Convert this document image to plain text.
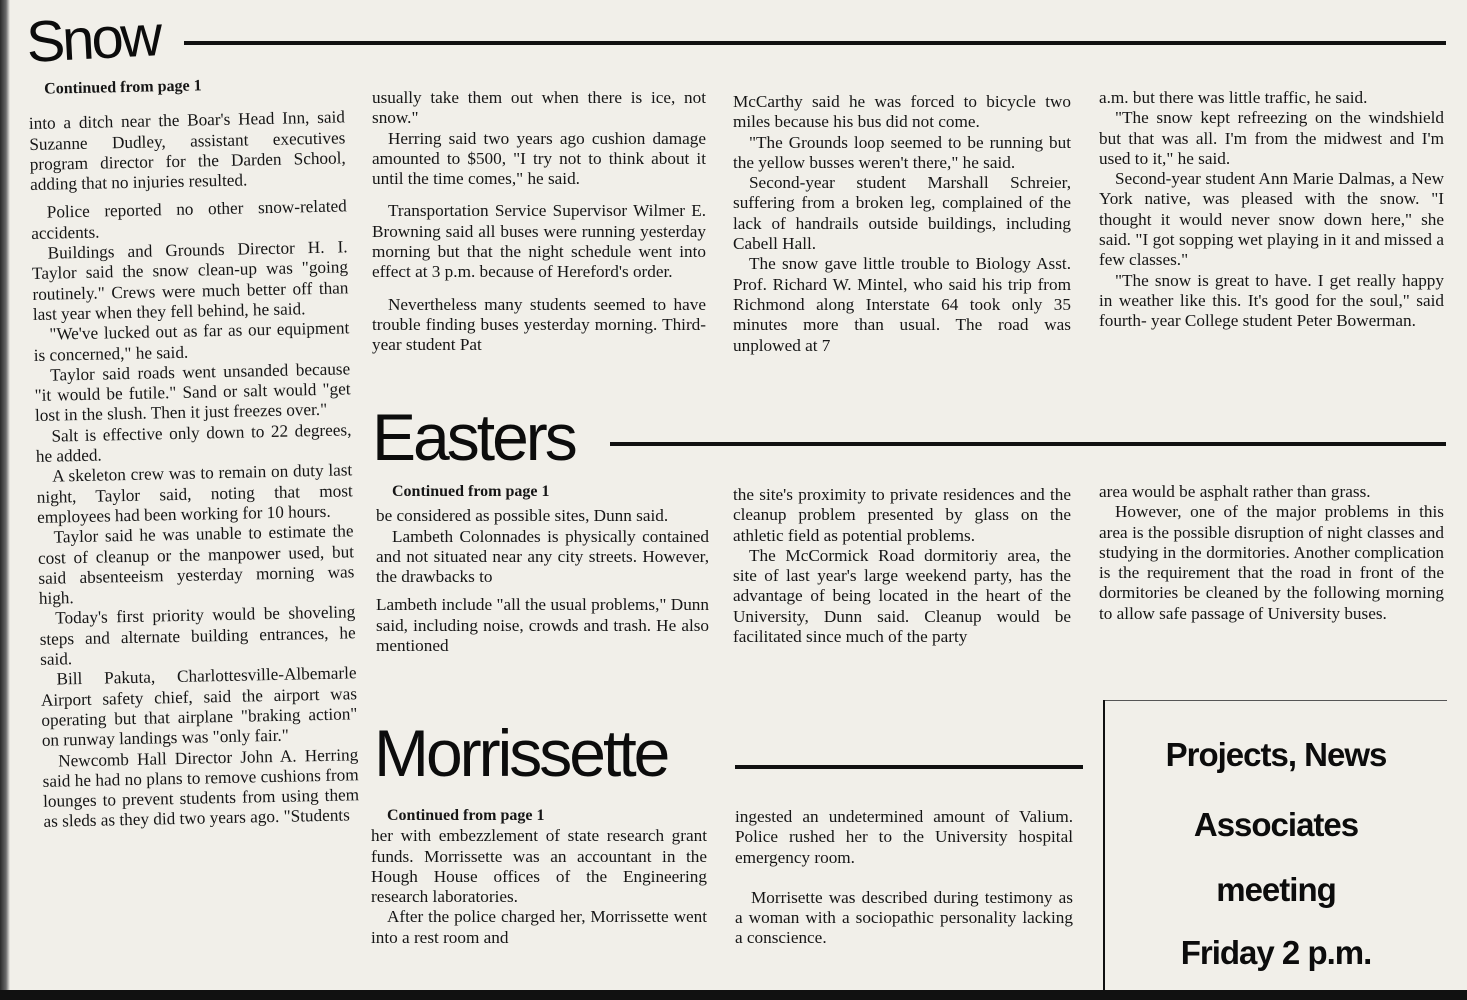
Snow

Continued from page 1

into a ditch near the Boar's Head Inn, said Suzanne Dudley, assistant executives program director for the Darden School, adding that no injuries resulted.

Police reported no other snow-related accidents.

Buildings and Grounds Director H. I. Taylor said the snow clean-up was "going routinely." Crews were much better off than last year when they fell behind, he said.

"We've lucked out as far as our equipment is concerned," he said.

Taylor said roads went unsanded because "it would be futile." Sand or salt would "get lost in the slush. Then it just freezes over."

Salt is effective only down to 22 degrees, he added.

A skeleton crew was to remain on duty last night, Taylor said, noting that most employees had been working for 10 hours.

Taylor said he was unable to estimate the cost of cleanup or the manpower used, but said absenteeism yesterday morning was high.

Today's first priority would be shoveling steps and alternate building entrances, he said.

Bill Pakuta, Charlottesville-Albemarle Airport safety chief, said the airport was operating but that airplane "braking action" on runway landings was "only fair."

Newcomb Hall Director John A. Herring said he had no plans to remove cushions from lounges to prevent students from using them as sleds as they did two years ago. "Students

usually take them out when there is ice, not snow."

Herring said two years ago cushion damage amounted to $500, "I try not to think about it until the time comes," he said.

Transportation Service Supervisor Wilmer E. Browning said all buses were running yesterday morning but that the night schedule went into effect at 3 p.m. because of Hereford's order.

Nevertheless many students seemed to have trouble finding buses yesterday morning. Third-year student Pat

McCarthy said he was forced to bicycle two miles because his bus did not come.

"The Grounds loop seemed to be running but the yellow busses weren't there," he said.

Second-year student Marshall Schreier, suffering from a broken leg, complained of the lack of handrails outside buildings, including Cabell Hall.

The snow gave little trouble to Biology Asst. Prof. Richard W. Mintel, who said his trip from Richmond along Interstate 64 took only 35 minutes more than usual. The road was unplowed at 7

a.m. but there was little traffic, he said.

"The snow kept refreezing on the windshield but that was all. I'm from the midwest and I'm used to it," he said.

Second-year student Ann Marie Dalmas, a New York native, was pleased with the snow. "I thought it would never snow down here," she said. "I got sopping wet playing in it and missed a few classes."

"The snow is great to have. I get really happy in weather like this. It's good for the soul," said fourth- year College student Peter Bowerman.

Easters

Continued from page 1

be considered as possible sites, Dunn said.

Lambeth Colonnades is physically contained and not situated near any city streets. However, the drawbacks to

Lambeth include "all the usual problems," Dunn said, including noise, crowds and trash. He also mentioned

the site's proximity to private residences and the cleanup problem presented by glass on the athletic field as potential problems.

The McCormick Road dormitoriy area, the site of last year's large weekend party, has the advantage of being located in the heart of the University, Dunn said. Cleanup would be facilitated since much of the party

area would be asphalt rather than grass.

However, one of the major problems in this area is the possible disruption of night classes and studying in the dormitories. Another complication is the requirement that the road in front of the dormitories be cleaned by the following morning to allow safe passage of University buses.

Morrissette

Continued from page 1

her with embezzlement of state research grant funds. Morrissette was an accountant in the Hough House offices of the Engineering research laboratories.

After the police charged her, Morrissette went into a rest room and

ingested an undetermined amount of Valium. Police rushed her to the University hospital emergency room.

Morrisette was described during testimony as a woman with a sociopathic personality lacking a conscience.

Projects, News
Associates
meeting
Friday 2 p.m.
